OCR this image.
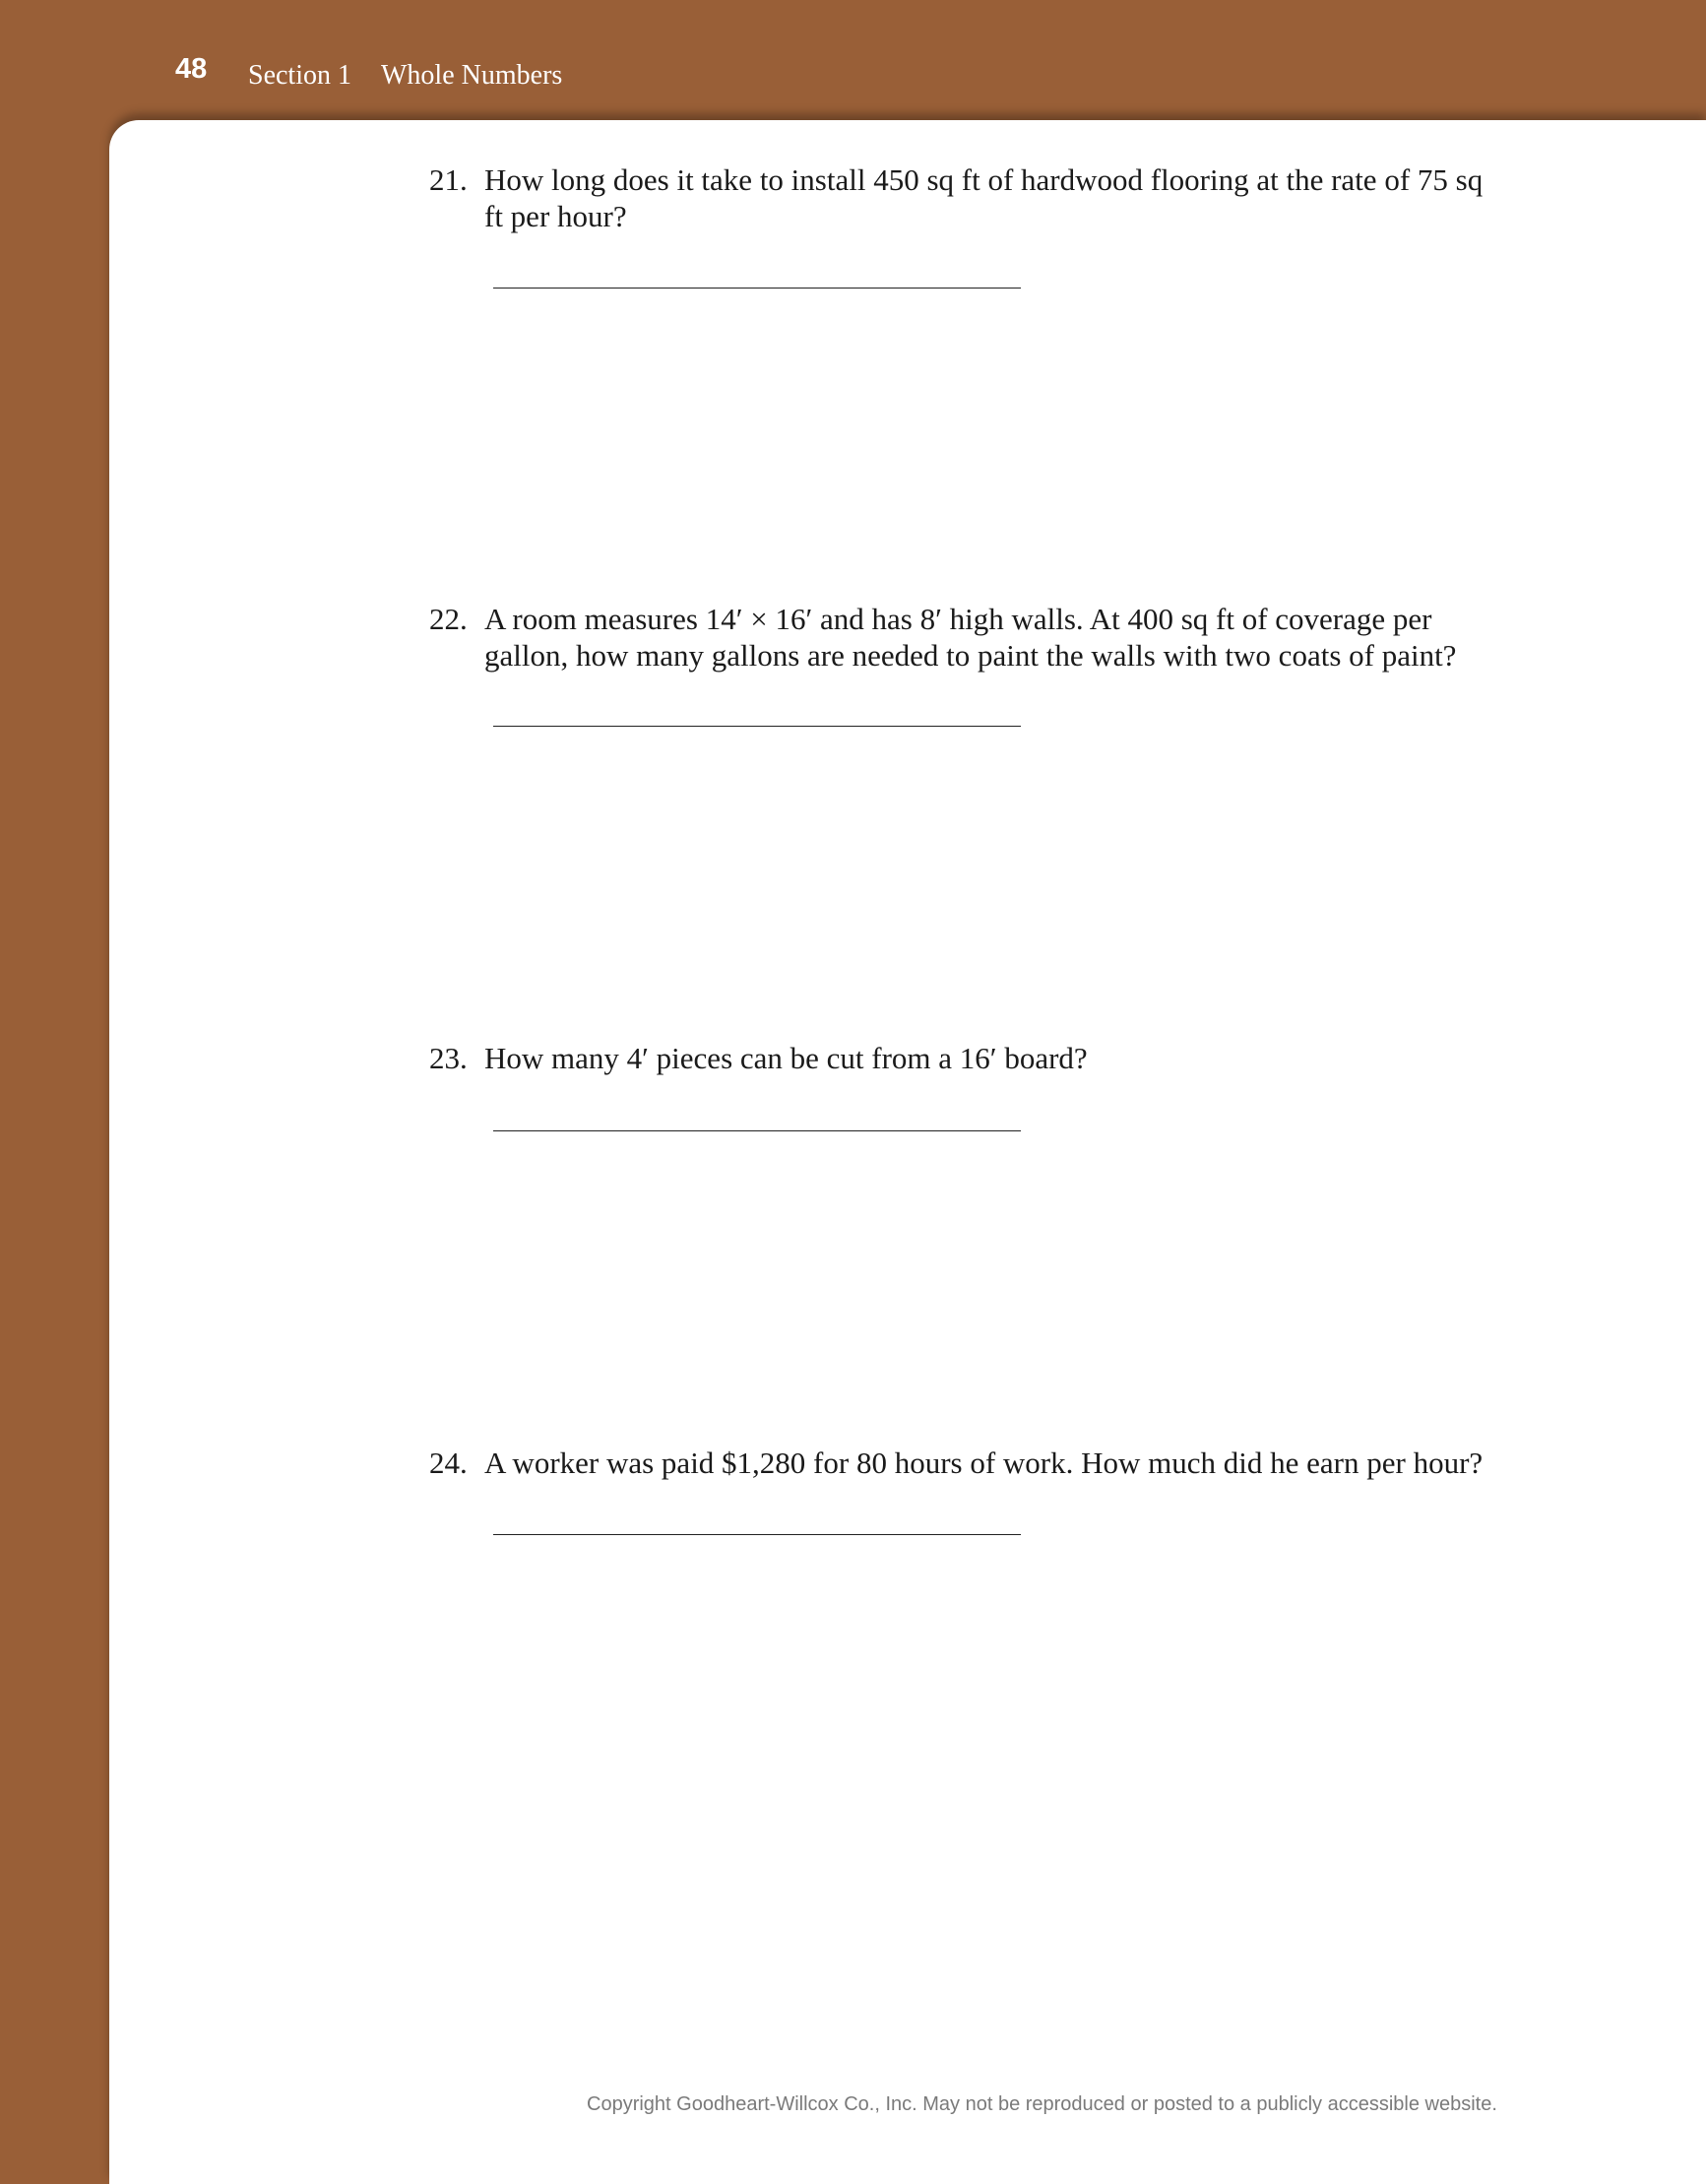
48 Section 1 Whole Numbers
21. How long does it take to install 450 sq ft of hardwood flooring at the rate of 75 sq ft per hour?
22. A room measures 14′ × 16′ and has 8′ high walls. At 400 sq ft of coverage per gallon, how many gallons are needed to paint the walls with two coats of paint?
23. How many 4′ pieces can be cut from a 16′ board?
24. A worker was paid $1,280 for 80 hours of work. How much did he earn per hour?
Copyright Goodheart-Willcox Co., Inc. May not be reproduced or posted to a publicly accessible website.
